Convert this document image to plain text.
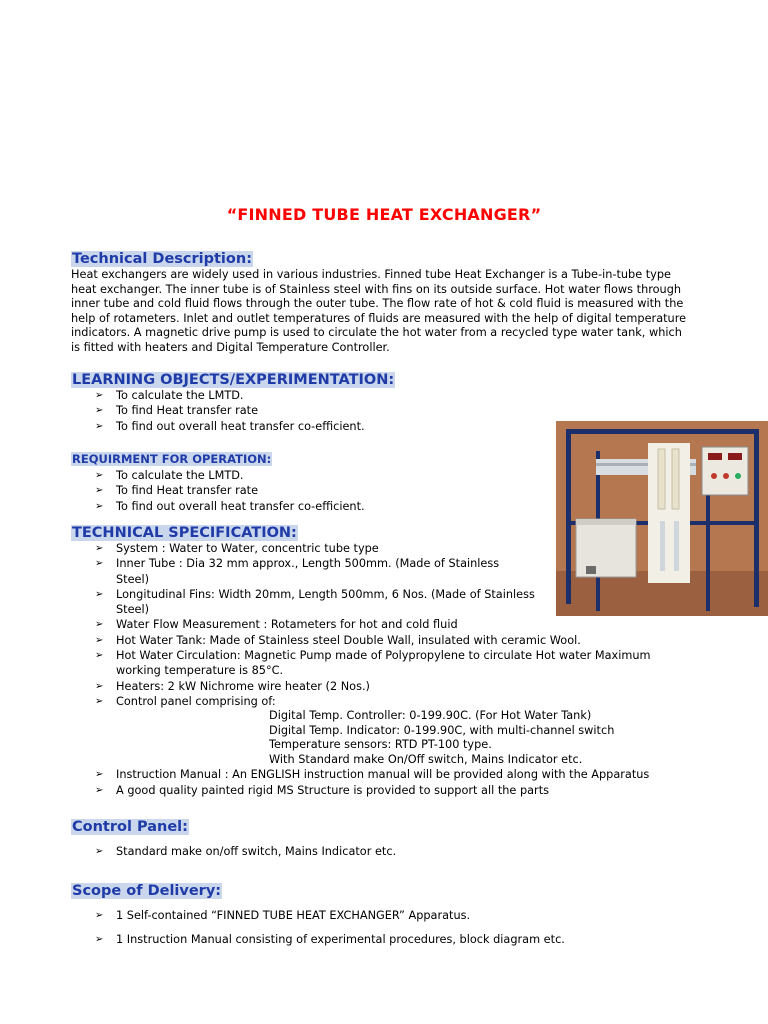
“FINNED TUBE HEAT EXCHANGER”
Technical Description:
Heat exchangers are widely used in various industries. Finned tube Heat Exchanger is a Tube-in-tube type
heat exchanger. The inner tube is of Stainless steel with fins on its outside surface. Hot water flows through
inner tube and cold fluid flows through the outer tube. The flow rate of hot & cold fluid is measured with the
help of rotameters. Inlet and outlet temperatures of fluids are measured with the help of digital temperature
indicators. A magnetic drive pump is used to circulate the hot water from a recycled type water tank, which
is fitted with heaters and Digital Temperature Controller.
LEARNING OBJECTS/EXPERIMENTATION:
➢ To calculate the LMTD.
➢ To find Heat transfer rate
➢ To find out overall heat transfer co-efficient.
REQUIRMENT FOR OPERATION:
➢ To calculate the LMTD.
➢ To find Heat transfer rate
➢ To find out overall heat transfer co-efficient.
TECHNICAL SPECIFICATION:
➢ System : Water to Water, concentric tube type
➢ Inner Tube : Dia 32 mm approx., Length 500mm. (Made of Stainless
Steel)
➢ Longitudinal Fins: Width 20mm, Length 500mm, 6 Nos. (Made of Stainless
Steel)
➢ Water Flow Measurement : Rotameters for hot and cold fluid
➢ Hot Water Tank: Made of Stainless steel Double Wall, insulated with ceramic Wool.
➢ Hot Water Circulation: Magnetic Pump made of Polypropylene to circulate Hot water Maximum
working temperature is 85°C.
➢ Heaters: 2 kW Nichrome wire heater (2 Nos.)
➢ Control panel comprising of:
Digital Temp. Controller: 0-199.90C. (For Hot Water Tank)
Digital Temp. Indicator: 0-199.90C, with multi-channel switch
Temperature sensors: RTD PT-100 type.
With Standard make On/Off switch, Mains Indicator etc.
➢ Instruction Manual : An ENGLISH instruction manual will be provided along with the Apparatus
➢ A good quality painted rigid MS Structure is provided to support all the parts
Control Panel:
➢ Standard make on/off switch, Mains Indicator etc.
Scope of Delivery:
➢ 1 Self-contained “FINNED TUBE HEAT EXCHANGER” Apparatus.
➢ 1 Instruction Manual consisting of experimental procedures, block diagram etc.
